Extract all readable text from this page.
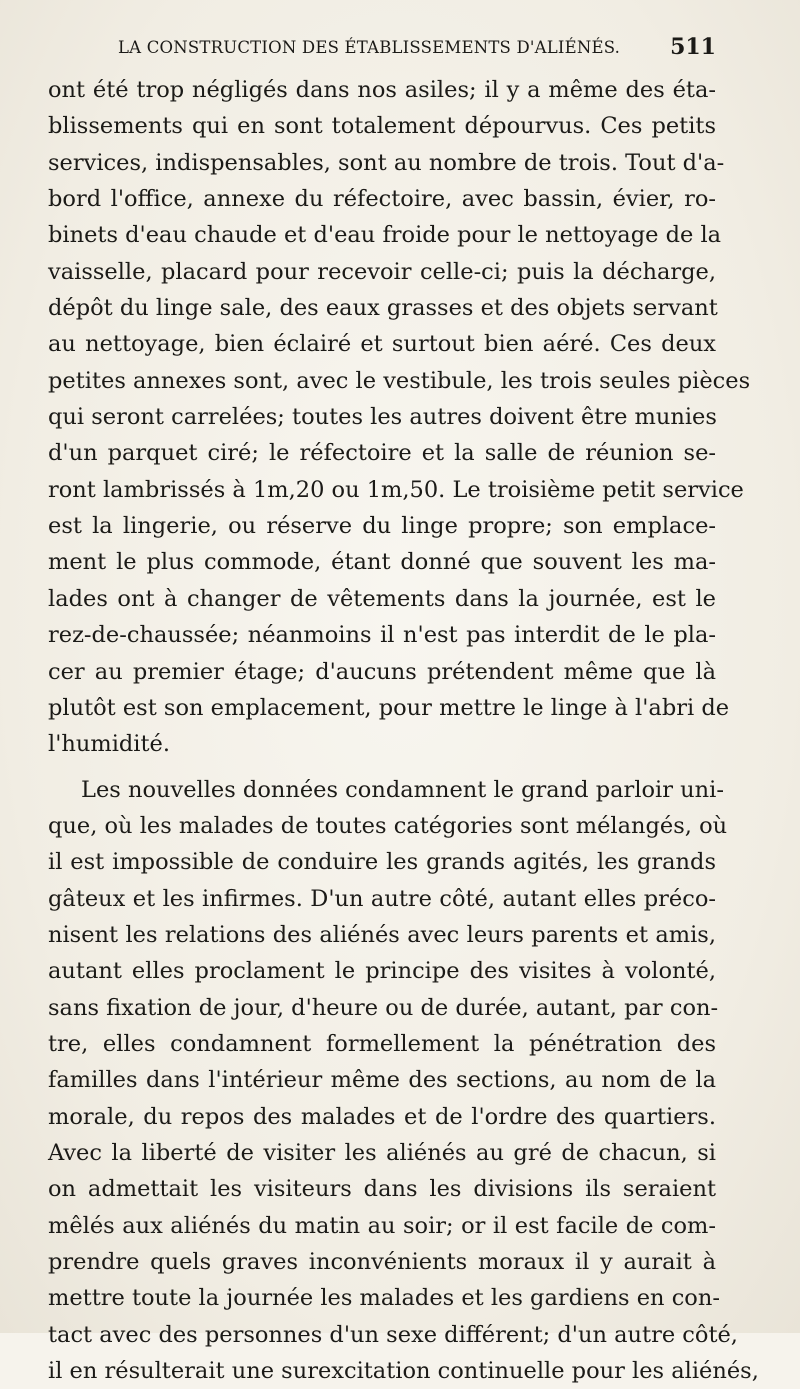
LA CONSTRUCTION DES ÉTABLISSEMENTS D'ALIÉNÉS. 511
ont été trop négligés dans nos asiles; il y a même des éta-
blissements qui en sont totalement dépourvus. Ces petits
services, indispensables, sont au nombre de trois. Tout d'a-
bord l'office, annexe du réfectoire, avec bassin, évier, ro-
binets d'eau chaude et d'eau froide pour le nettoyage de la
vaisselle, placard pour recevoir celle-ci; puis la décharge,
dépôt du linge sale, des eaux grasses et des objets servant
au nettoyage, bien éclairé et surtout bien aéré. Ces deux
petites annexes sont, avec le vestibule, les trois seules pièces
qui seront carrelées; toutes les autres doivent être munies
d'un parquet ciré; le réfectoire et la salle de réunion se-
ront lambrissés à 1m,20 ou 1m,50. Le troisième petit service
est la lingerie, ou réserve du linge propre; son emplace-
ment le plus commode, étant donné que souvent les ma-
lades ont à changer de vêtements dans la journée, est le
rez-de-chaussée; néanmoins il n'est pas interdit de le pla-
cer au premier étage; d'aucuns prétendent même que là
plutôt est son emplacement, pour mettre le linge à l'abri de
l'humidité.
Les nouvelles données condamnent le grand parloir uni-
que, où les malades de toutes catégories sont mélangés, où
il est impossible de conduire les grands agités, les grands
gâteux et les infirmes. D'un autre côté, autant elles préco-
nisent les relations des aliénés avec leurs parents et amis,
autant elles proclament le principe des visites à volonté,
sans fixation de jour, d'heure ou de durée, autant, par con-
tre, elles condamnent formellement la pénétration des
familles dans l'intérieur même des sections, au nom de la
morale, du repos des malades et de l'ordre des quartiers.
Avec la liberté de visiter les aliénés au gré de chacun, si
on admettait les visiteurs dans les divisions ils seraient
mêlés aux aliénés du matin au soir; or il est facile de com-
prendre quels graves inconvénients moraux il y aurait à
mettre toute la journée les malades et les gardiens en con-
tact avec des personnes d'un sexe différent; d'un autre côté,
il en résulterait une surexcitation continuelle pour les aliénés,
